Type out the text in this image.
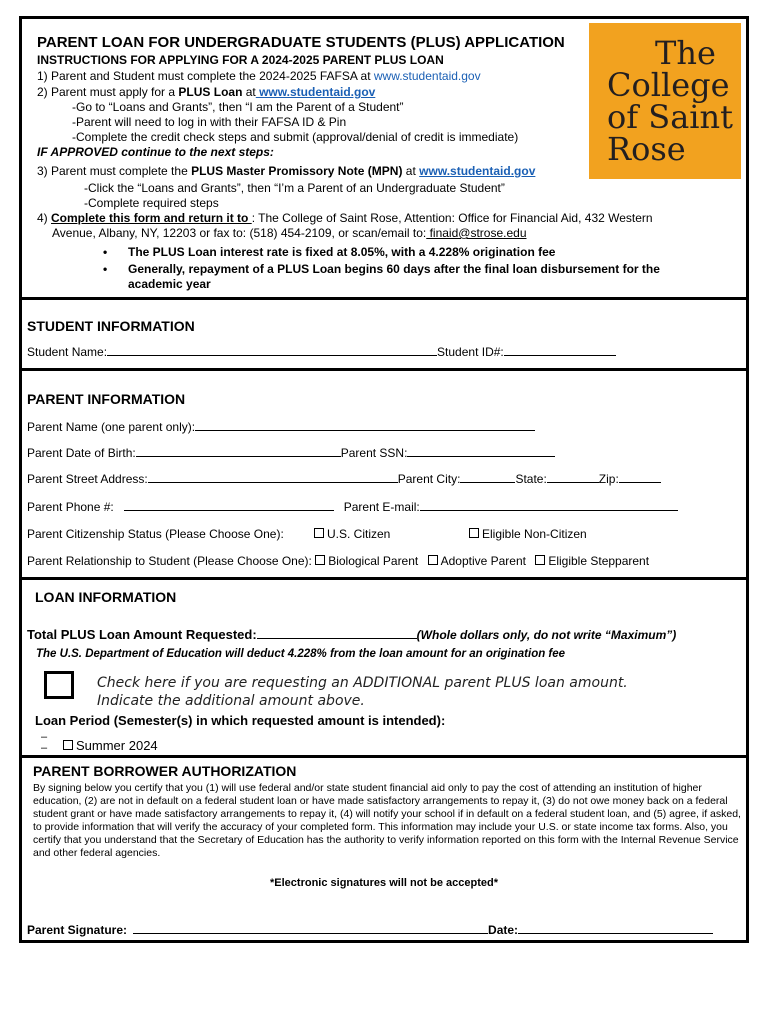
The
College
of Saint
Rose
PARENT LOAN FOR UNDERGRADUATE STUDENTS (PLUS) APPLICATION
INSTRUCTIONS FOR APPLYING FOR A 2024-2025 PARENT PLUS LOAN
1) Parent and Student must complete the 2024-2025 FAFSA at www.studentaid.gov
2) Parent must apply for a PLUS Loan at www.studentaid.gov
-Go to “Loans and Grants”, then “I am the Parent of a Student”
-Parent will need to log in with their FAFSA ID & Pin
-Complete the credit check steps and submit (approval/denial of credit is immediate)
IF APPROVED continue to the next steps:
3) Parent must complete the PLUS Master Promissory Note (MPN) at www.studentaid.gov
-Click the “Loans and Grants”, then “I’m a Parent of an Undergraduate Student”
-Complete required steps
4) Complete this form and return it to : The College of Saint Rose, Attention: Office for Financial Aid, 432 Western
Avenue, Albany, NY, 12203 or fax to: (518) 454-2109, or scan/email to: finaid@strose.edu
• The PLUS Loan interest rate is fixed at 8.05%, with a 4.228% origination fee
• Generally, repayment of a PLUS Loan begins 60 days after the final loan disbursement for the
academic year
STUDENT INFORMATION
Student Name:	Student ID#:
PARENT INFORMATION
Parent Name (one parent only):
Parent Date of Birth:	Parent SSN:
Parent Street Address:	Parent City:	State:	Zip:
Parent Phone #:	Parent E-mail:
Parent Citizenship Status (Please Choose One):	U.S. Citizen	Eligible Non-Citizen
Parent Relationship to Student (Please Choose One): Biological Parent Adoptive Parent Eligible Stepparent
LOAN INFORMATION
Total PLUS Loan Amount Requested:	(Whole dollars only, do not write “Maximum”)
The U.S. Department of Education will deduct 4.228% from the loan amount for an origination fee
Check here if you are requesting an ADDITIONAL parent PLUS loan amount.
Indicate the additional amount above.
Loan Period (Semester(s) in which requested amount is intended):
–
–	Summer 2024
PARENT BORROWER AUTHORIZATION
By signing below you certify that you (1) will use federal and/or state student financial aid only to pay the cost of attending an institution of higher education, (2) are not in default on a federal student loan or have made satisfactory arrangements to repay it, (3) do not owe money back on a federal student grant or have made satisfactory arrangements to repay it, (4) will notify your school if in default on a federal student loan, and (5) agree, if asked, to provide information that will verify the accuracy of your completed form. This information may include your U.S. or state income tax forms. Also, you certify that you understand that the Secretary of Education has the authority to verify information reported on this form with the Internal Revenue Service and other federal agencies.
*Electronic signatures will not be accepted*
Parent Signature:	Date:
